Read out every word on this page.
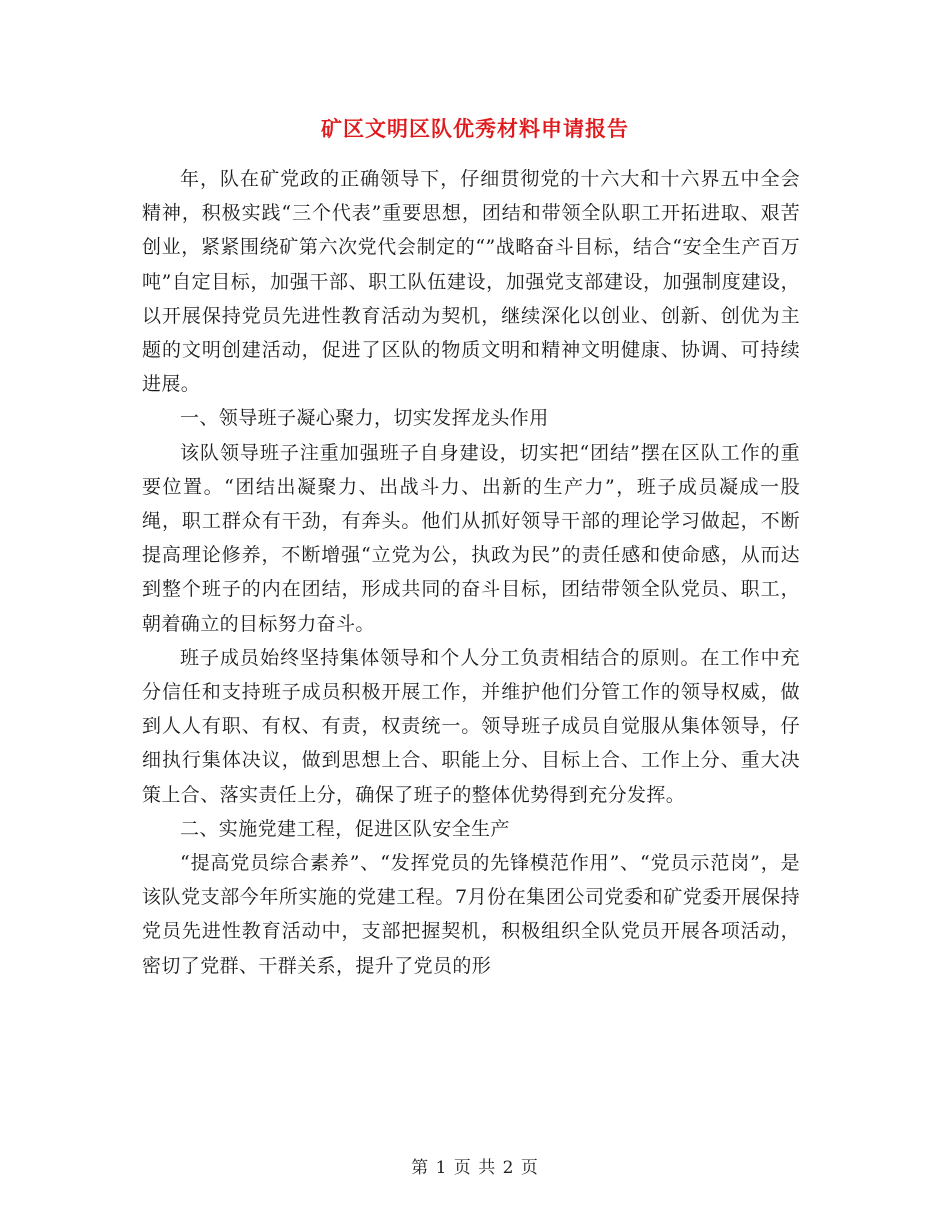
矿区文明区队优秀材料申请报告

年，队在矿党政的正确领导下，仔细贯彻党的十六大和十六界五中全会精神，积极实践“三个代表”重要思想，团结和带领全队职工开拓进取、艰苦创业，紧紧围绕矿第六次党代会制定的“”战略奋斗目标，结合“安全生产百万吨”自定目标，加强干部、职工队伍建设，加强党支部建设，加强制度建设，以开展保持党员先进性教育活动为契机，继续深化以创业、创新、创优为主题的文明创建活动，促进了区队的物质文明和精神文明健康、协调、可持续进展。

一、领导班子凝心聚力，切实发挥龙头作用

该队领导班子注重加强班子自身建设，切实把“团结”摆在区队工作的重要位置。“团结出凝聚力、出战斗力、出新的生产力”，班子成员凝成一股绳，职工群众有干劲，有奔头。他们从抓好领导干部的理论学习做起，不断提高理论修养，不断增强“立党为公，执政为民”的责任感和使命感，从而达到整个班子的内在团结，形成共同的奋斗目标，团结带领全队党员、职工，朝着确立的目标努力奋斗。

班子成员始终坚持集体领导和个人分工负责相结合的原则。在工作中充分信任和支持班子成员积极开展工作，并维护他们分管工作的领导权威，做到人人有职、有权、有责，权责统一。领导班子成员自觉服从集体领导，仔细执行集体决议，做到思想上合、职能上分、目标上合、工作上分、重大决策上合、落实责任上分，确保了班子的整体优势得到充分发挥。

二、实施党建工程，促进区队安全生产

“提高党员综合素养”、“发挥党员的先锋模范作用”、“党员示范岗”，是该队党支部今年所实施的党建工程。7月份在集团公司党委和矿党委开展保持党员先进性教育活动中，支部把握契机，积极组织全队党员开展各项活动，密切了党群、干群关系，提升了党员的形

第 1 页 共 2 页
